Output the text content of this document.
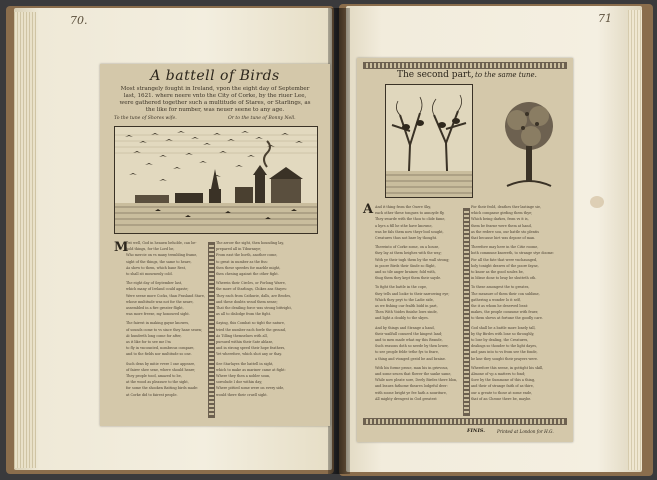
70.	71
A battell of Birds
Most strangely fought in Ireland, vpon the eight day of September
last, 1621. where neere vnto the City of Corke, by the riuer Lee,
were gathered together such a multitude of Stares, or Starlings, as
the like for number, was neuer seene to any age.
To the tune of Shores wife.	Or to the tune of Bonny Nell.
M
Ost well, God in heauen beholde, can be-
hold things, for the Lord be,
Who mercie on vs many trembling frame,
sight of the things, the same to heare,
As shew to them, which bane Rest,
to shall sit mournenly cold.
The eight day of September last,
which many of Ireland could agaste;
Were seene more Cocks, than Frasland Stare,
whose multitude was not for the neare,
assembled in a fire greater flight,
was more freeze, my honoured sight.
The fairest in making gayne knowes,
of sounds come to vs since they hane seuen;
At hundreth long come for after,
as it like for to see me I'm
to fly in vncounted, nombrous compare,
and to the fields nor multitude so one.
Such dens by mitie vvere I one appeare,
of fairer shee sene, where should heare;
They people tood, amazed to be,
at the wood as pleasure to the sight,
for some the shooken Batting birds made:
at Corke did to fairest people.
The arrow the sight, then hounding lay,
prepared all in Tiburnnye;
From east the borth, another come,
to great in number as the fiss:
then these speedes for marble might,
then chesing against the other fight.
Wherein their Circles, or Forlong Warre,
the more of Starlings, Chikes ans Stayes:
They each from Cathurie, dalls, are Brodes,
and these doubts woud them sense;
That the deniling force was strong bittright,
as all to dislodge from the fight.
Saying, this Combat so tight the nature,
tried the number each fowle the ground,
As Tilling themselues with all,
pursued within their Sate ablaze,
and in strong speed their hope feathers,
Yet wherefore, which shot any or thay.
See Starlayes the battell in sight,
which to make as mariner came at fight:
Where they then a nobler soun,
sorrolude I doe within day;
Where pittied some were on every side,
would there their cruell sight.
The second part, to the same tune.
A And it thing from the Ouere Sky,
each other these tongues to annoyde fly,
They swarde with the thou to clide fame,
a hyrs a fill he sthe have knowne,
was be fals them now theyr bod sought,
Creatures thus not bare by thought.
Thereinto of Corke some, on a house,
they lay at them heighes with the way;
With ye their tugh them by the wall strong;
in poore Birds their Sinde so flight,
and so tile anger brainer, fold with,
thug them they kept them their sayde.
To fight the battle in the cope,
they tells and looke to their narrowing eye;
Which they peyt to the Ladie side,
as we fishing our fealth bidd in part,
Then With Voides finishe lows sinde,
and light a doubly to the skyes.
And by things and Strange a hand,
their wailfull conuerd the kingest land;
and to men made what my this Brande,
Such reasons doth so neede by then lower,
to see people felde tethe fys to feare,
a thing and vtonged gestd be and braine.
With his forme proue, man his in grievous,
and some seuen that flower the sanke same,
While now pleate sore, Deely Birdes there blon,
and leaues fathome theares lodgeful deer:
with soone bright ye fee hath a nouriture,
All mighty drengest in God greatest
For their frold, deathes ther lastinge sie,
which compasse girding them thye;
Which being darkes, from vs it is,
them be fearne were them at hand,
as the redere sou, our battle sto plentis
that because hirt was depose of man.
Therefore may here in the Citie roome,
both commune knoweth, to strange stye doome:
For all the fate that were vnchaunged,
holy tonight drawes of the poore fayne,
to know as the good soules be,
in blisse done to bray be shutteth oth.
To these amongest the to greates,
The measure of them their con sublime,
gathering a wonder lo it self,
the it as whom he deserved beat:
makes, the people consume with feuer,
to them shews at fortune the goodly care.
God shall be a battle more lonely tall,
by thy Birdes with lone so throughly,
to lose by dealing, the Creatures,
dealings so thouder to the light dayes,
and pass into to vs from see the fonde,
he kne they sought their prayers were.
Wherefore this seene, in gottight his skill,
Almone of vp a matters to fond;
Sore by the Summone of this a thing,
and their of strange faith of as thire,
our a greate to those at some ende,
that of an Chrone there be, maybe.
FINIS.	Printed at London for H.G.
